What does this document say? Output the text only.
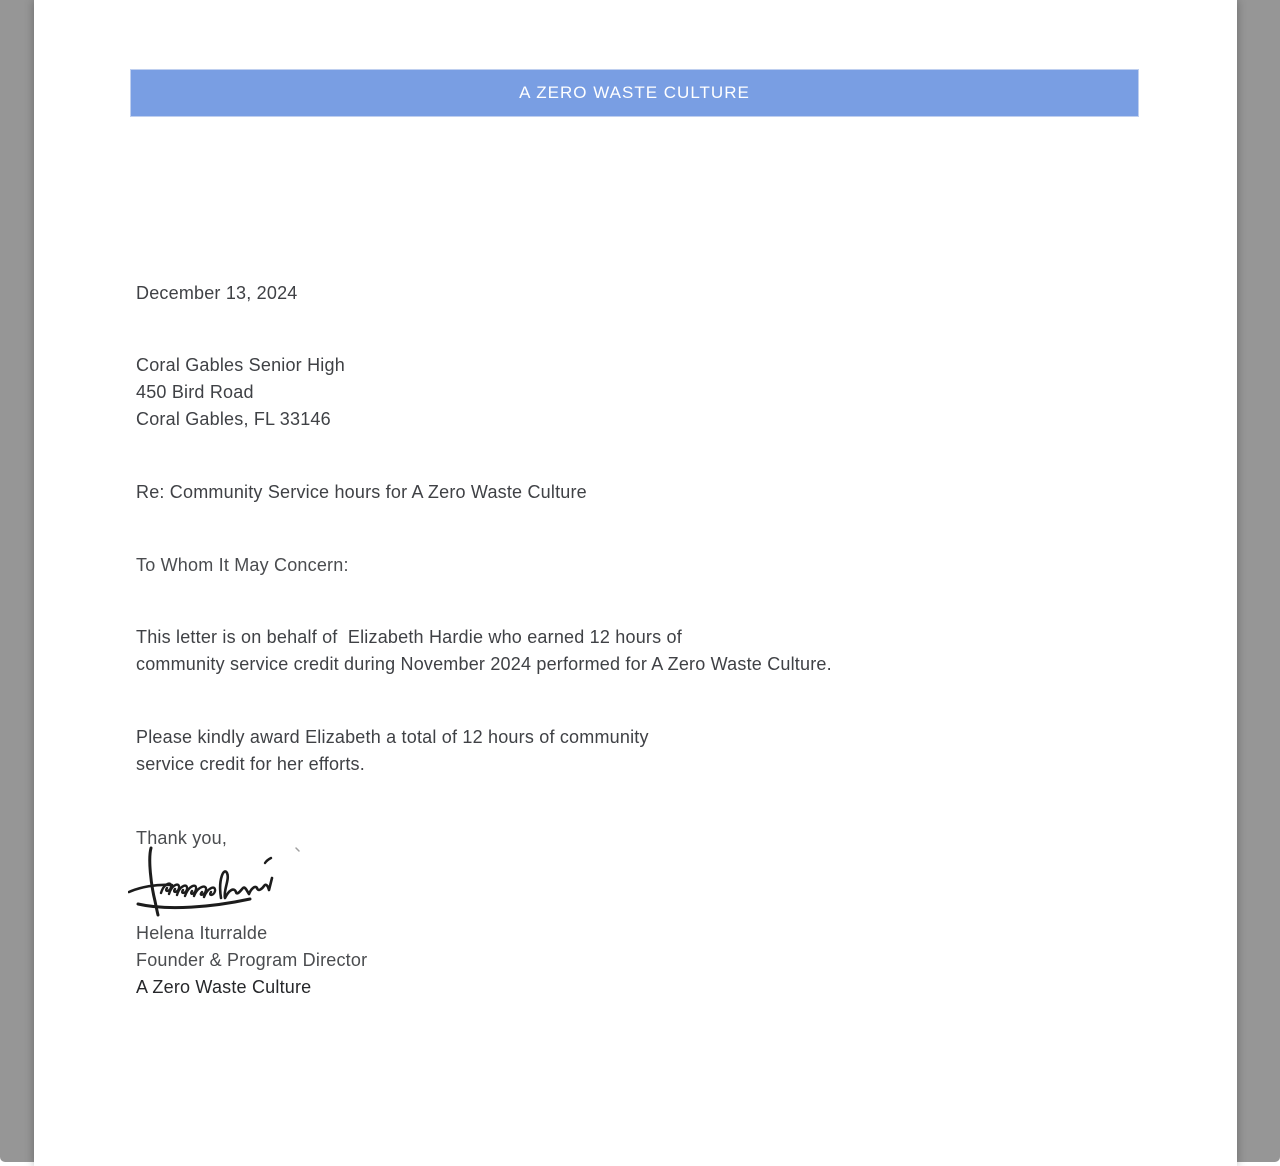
A ZERO WASTE CULTURE
December 13, 2024
Coral Gables Senior High
450 Bird Road
Coral Gables, FL 33146
Re: Community Service hours for A Zero Waste Culture
To Whom It May Concern:
This letter is on behalf of  Elizabeth Hardie who earned 12 hours of
community service credit during November 2024 performed for A Zero Waste Culture.
Please kindly award Elizabeth a total of 12 hours of community
service credit for her efforts.
Thank you,
Helena Iturralde
Founder & Program Director
A Zero Waste Culture
